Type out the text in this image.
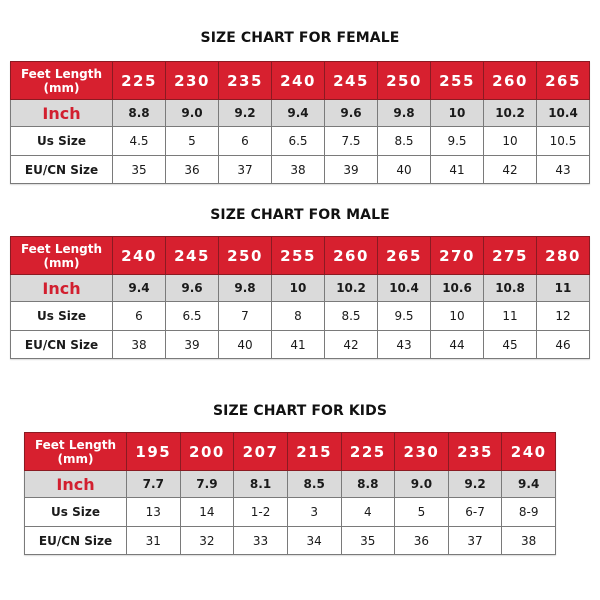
SIZE CHART FOR FEMALE
Feet Length
(mm)	225	230	235	240	245	250	255	260	265
Inch	8.8	9.0	9.2	9.4	9.6	9.8	10	10.2	10.4
Us Size	4.5	5	6	6.5	7.5	8.5	9.5	10	10.5
EU/CN Size	35	36	37	38	39	40	41	42	43
SIZE CHART FOR MALE
Feet Length
(mm)	240	245	250	255	260	265	270	275	280
Inch	9.4	9.6	9.8	10	10.2	10.4	10.6	10.8	11
Us Size	6	6.5	7	8	8.5	9.5	10	11	12
EU/CN Size	38	39	40	41	42	43	44	45	46
SIZE CHART FOR KIDS
Feet Length
(mm)	195	200	207	215	225	230	235	240
Inch	7.7	7.9	8.1	8.5	8.8	9.0	9.2	9.4
Us Size	13	14	1-2	3	4	5	6-7	8-9
EU/CN Size	31	32	33	34	35	36	37	38
